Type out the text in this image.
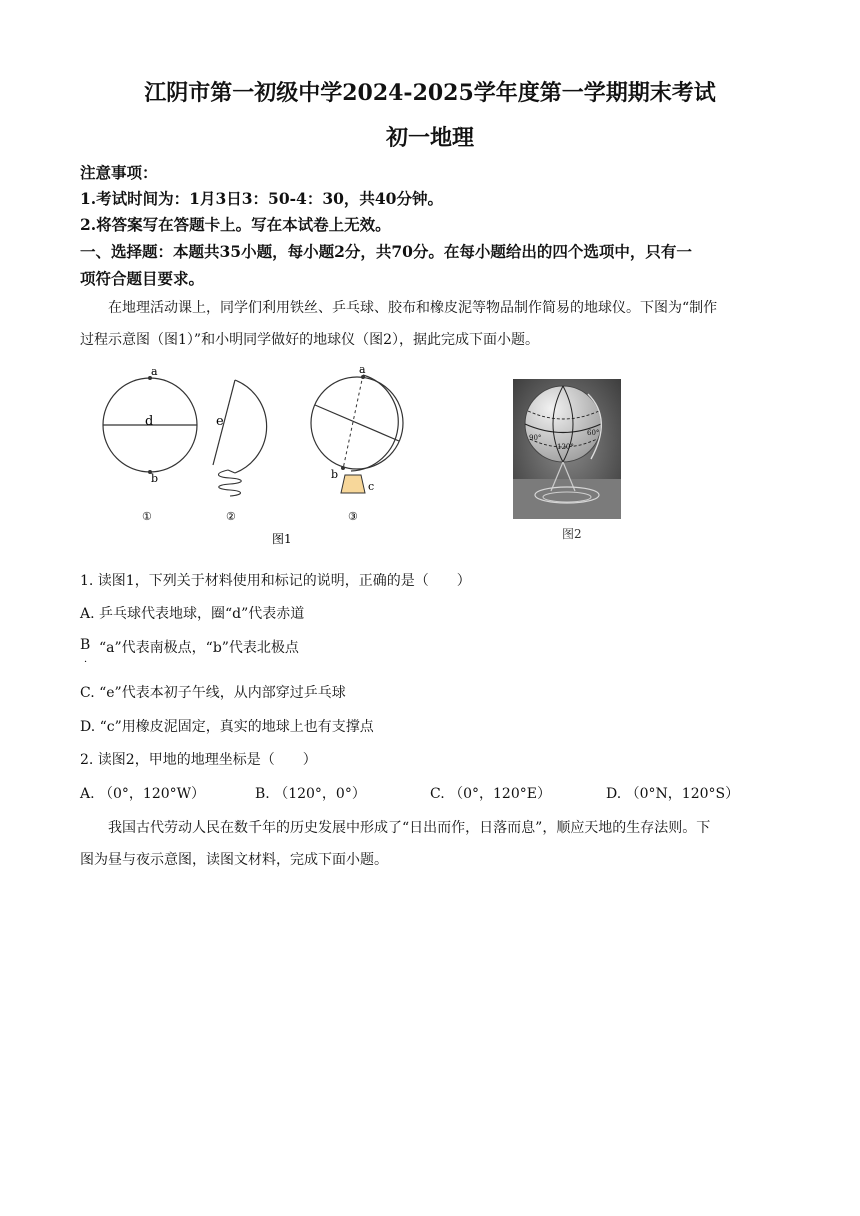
江阴市第一初级中学2024-2025学年度第一学期期末考试
初一地理
注意事项：
1.考试时间为：1月3日3：50-4：30，共40分钟。
2.将答案写在答题卡上。写在本试卷上无效。
一、选择题：本题共35小题，每小题2分，共70分。在每小题给出的四个选项中，只有一
项符合题目要求。
在地理活动课上，同学们利用铁丝、乒乓球、胶布和橡皮泥等物品制作简易的地球仪。下图为“制作
过程示意图（图1）”和小明同学做好的地球仪（图2），据此完成下面小题。
a
d
b
①
e
②
a
b
c
③
图1
90°
120°
60°
图2
1. 读图1，下列关于材料使用和标记的说明，正确的是（　　）
A. 乒乓球代表地球，圈“d”代表赤道
B
．
“a”代表南极点，“b”代表北极点
C. “e”代表本初子午线，从内部穿过乒乓球
D. “c”用橡皮泥固定，真实的地球上也有支撑点
2. 读图2，甲地的地理坐标是（　　）
A. （0°，120°W）	B. （120°，0°）	C. （0°，120°E）	D. （0°N，120°S）
我国古代劳动人民在数千年的历史发展中形成了“日出而作，日落而息”，顺应天地的生存法则。下
图为昼与夜示意图，读图文材料，完成下面小题。
